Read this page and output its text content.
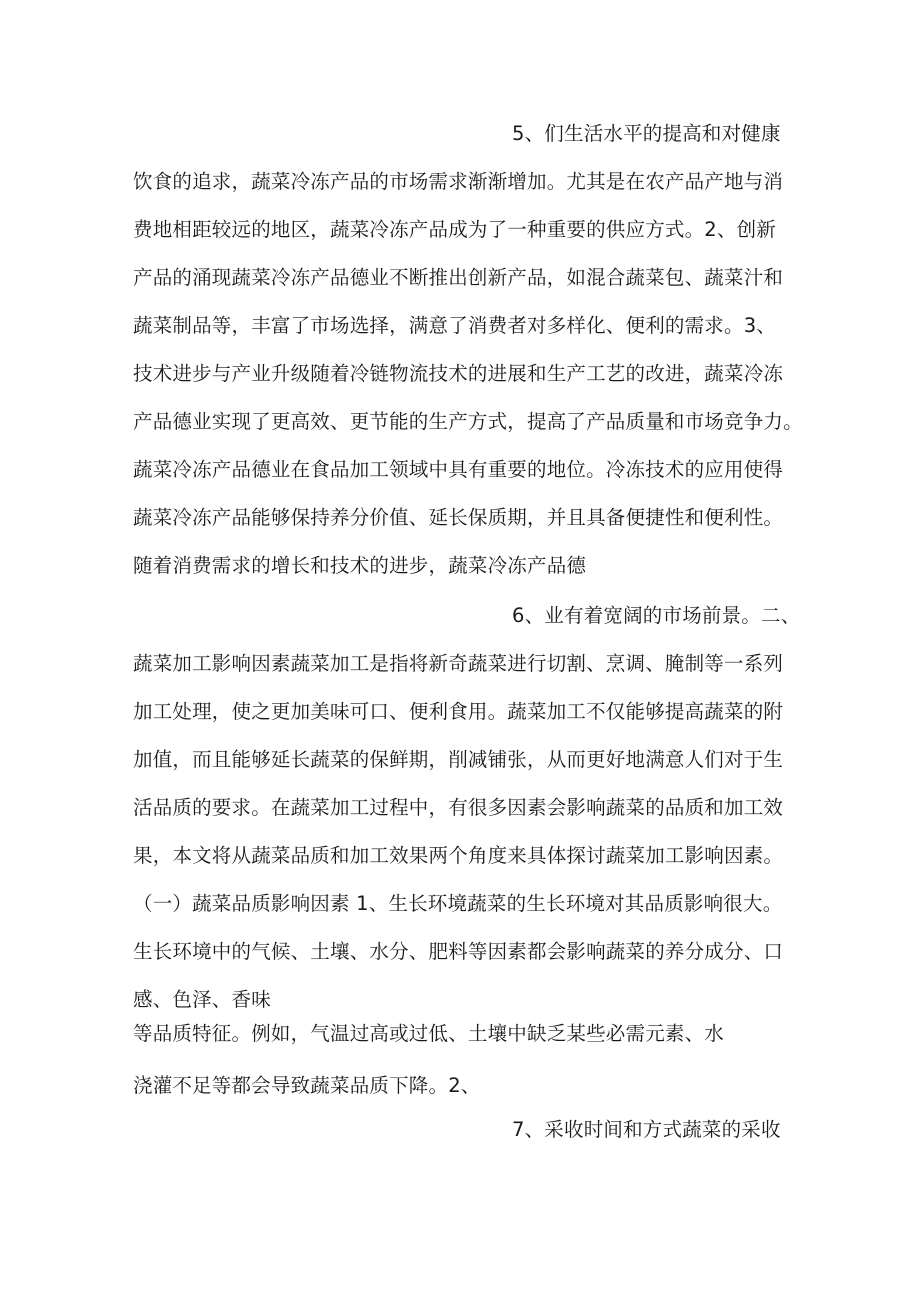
5、们生活水平的提高和对健康
饮食的追求，蔬菜冷冻产品的市场需求渐渐增加。尤其是在农产品产地与消
费地相距较远的地区，蔬菜冷冻产品成为了一种重要的供应方式。2、创新
产品的涌现蔬菜冷冻产品德业不断推出创新产品，如混合蔬菜包、蔬菜汁和
蔬菜制品等，丰富了市场选择，满意了消费者对多样化、便利的需求。3、
技术进步与产业升级随着冷链物流技术的进展和生产工艺的改进，蔬菜冷冻
产品德业实现了更高效、更节能的生产方式，提高了产品质量和市场竞争力。
蔬菜冷冻产品德业在食品加工领域中具有重要的地位。冷冻技术的应用使得
蔬菜冷冻产品能够保持养分价值、延长保质期，并且具备便捷性和便利性。
随着消费需求的增长和技术的进步，蔬菜冷冻产品德
6、业有着宽阔的市场前景。二、
蔬菜加工影响因素蔬菜加工是指将新奇蔬菜进行切割、烹调、腌制等一系列
加工处理，使之更加美味可口、便利食用。蔬菜加工不仅能够提高蔬菜的附
加值，而且能够延长蔬菜的保鲜期，削减铺张，从而更好地满意人们对于生
活品质的要求。在蔬菜加工过程中，有很多因素会影响蔬菜的品质和加工效
果，本文将从蔬菜品质和加工效果两个角度来具体探讨蔬菜加工影响因素。
（一）蔬菜品质影响因素 1、生长环境蔬菜的生长环境对其品质影响很大。
生长环境中的气候、土壤、水分、肥料等因素都会影响蔬菜的养分成分、口
感、色泽、香味
等品质特征。例如，气温过高或过低、土壤中缺乏某些必需元素、水
浇灌不足等都会导致蔬菜品质下降。2、
7、采收时间和方式蔬菜的采收
